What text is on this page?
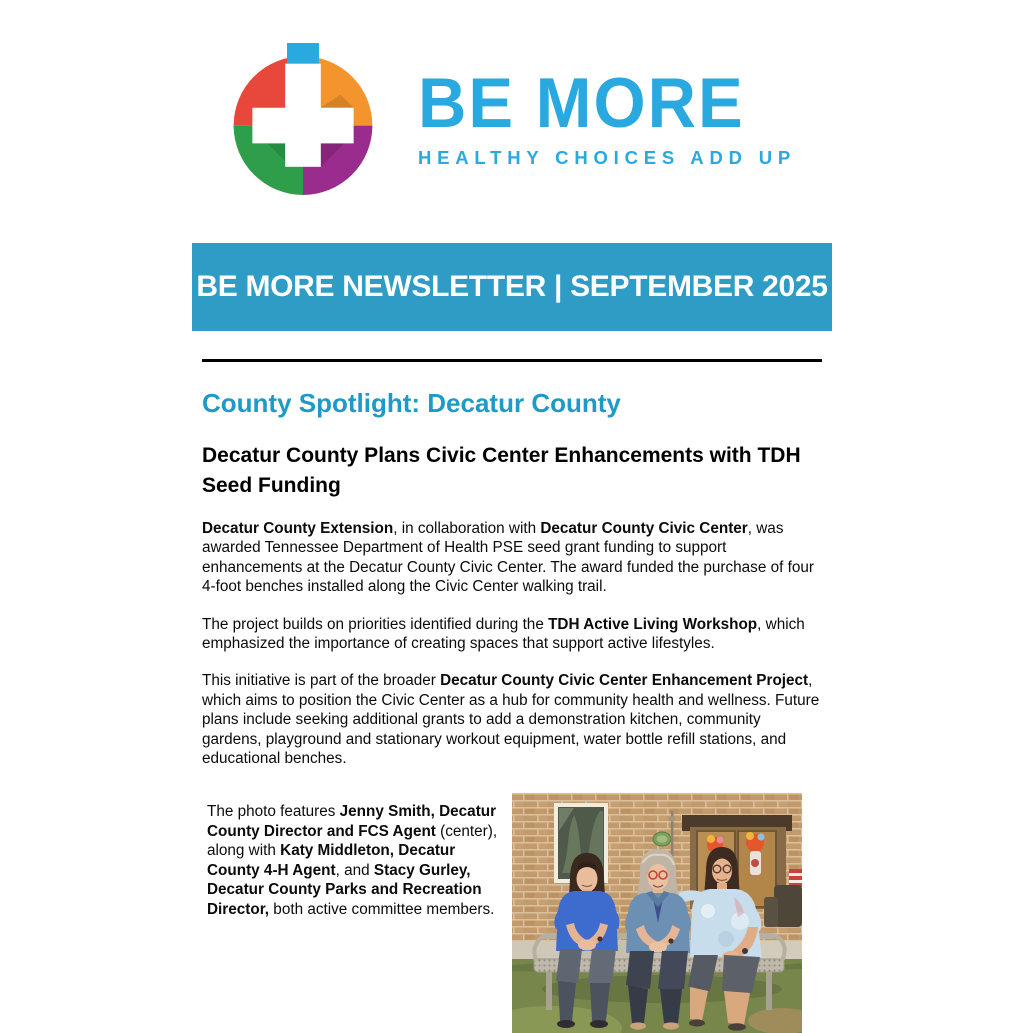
BE MORE
HEALTHY CHOICES ADD UP
BE MORE NEWSLETTER | SEPTEMBER 2025
County Spotlight: Decatur County
Decatur County Plans Civic Center Enhancements with TDH Seed Funding

Decatur County Extension, in collaboration with Decatur County Civic Center, was awarded Tennessee Department of Health PSE seed grant funding to support enhancements at the Decatur County Civic Center. The award funded the purchase of four 4-foot benches installed along the Civic Center walking trail.

The project builds on priorities identified during the TDH Active Living Workshop, which emphasized the importance of creating spaces that support active lifestyles.

This initiative is part of the broader Decatur County Civic Center Enhancement Project, which aims to position the Civic Center as a hub for community health and wellness. Future plans include seeking additional grants to add a demonstration kitchen, community gardens, playground and stationary workout equipment, water bottle refill stations, and educational benches.

The photo features Jenny Smith, Decatur County Director and FCS Agent (center), along with Katy Middleton, Decatur County 4-H Agent, and Stacy Gurley, Decatur County Parks and Recreation Director, both active committee members.
